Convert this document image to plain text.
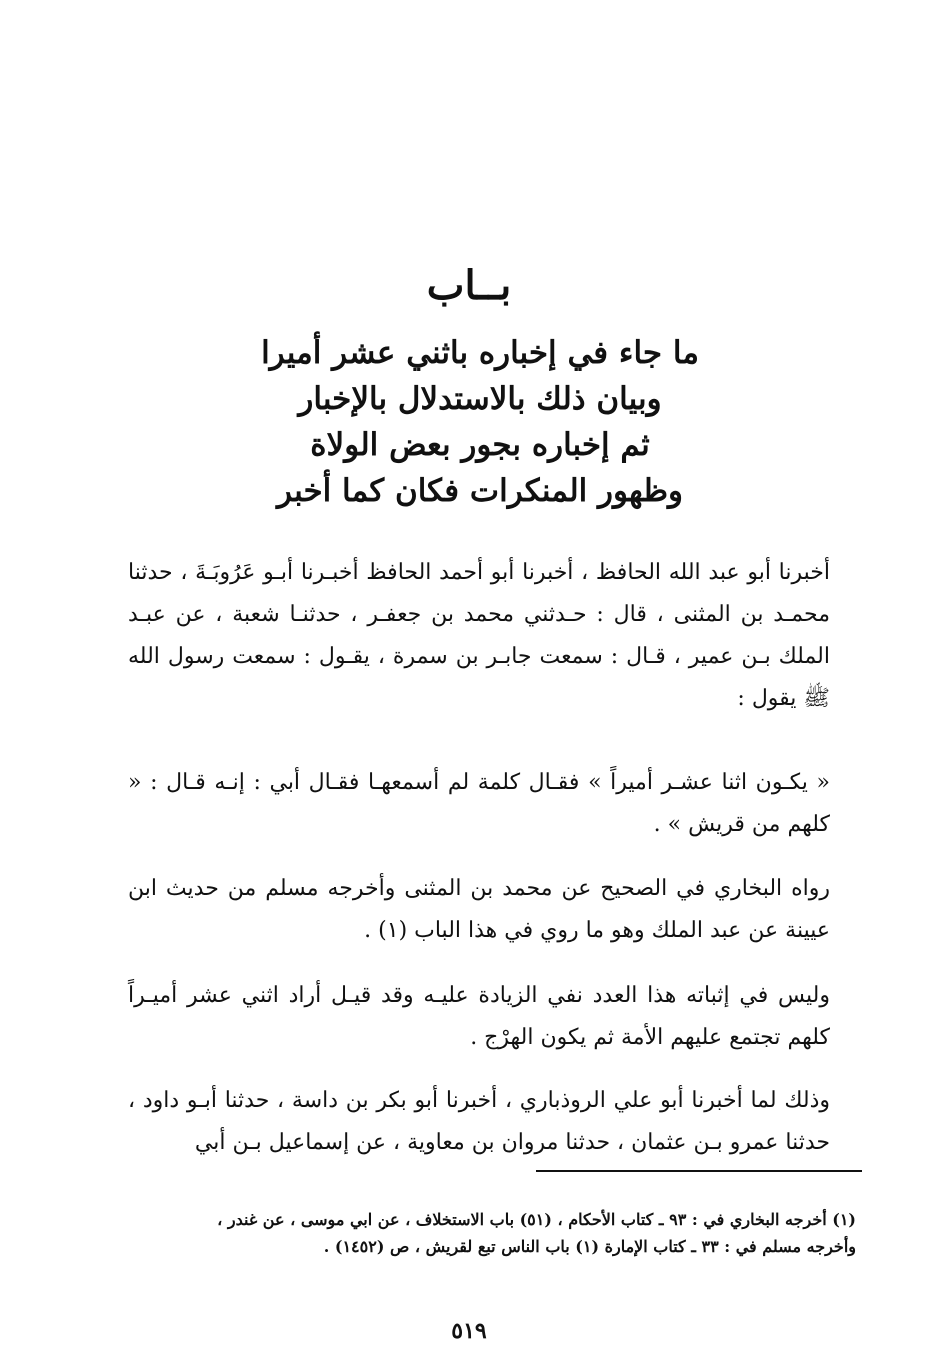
بــاب
ما جاء في إخباره باثني عشر أميرا
وبيان ذلك بالاستدلال بالإخبار
ثم إخباره بجور بعض الولاة
وظهور المنكرات فكان كما أخبر

أخبرنا أبو عبد الله الحافظ ، أخبرنا أبو أحمد الحافظ أخبـرنا أبـو عَرُوبَـةَ ، حدثنا محمـد بن المثنى ، قال : حـدثني محمد بن جعفـر ، حدثنـا شعبة ، عن عبـد الملك بـن عمير ، قـال : سمعت جابـر بن سمرة ، يقـول : سمعت رسول الله ﷺ يقول :

« يكـون اثنا عشـر أميراً » فقـال كلمة لم أسمعهـا فقـال أبي : إنـه قـال : « كلهم من قريش » .

رواه البخاري في الصحيح عن محمد بن المثنى وأخرجه مسلم من حديث ابن عيينة عن عبد الملك وهو ما روي في هذا الباب (١) .

وليس في إثباته هذا العدد نفي الزيادة عليـه وقد قيـل أراد اثني عشر أميـراً كلهم تجتمع عليهم الأمة ثم يكون الهرْج .

وذلك لما أخبرنا أبو علي الروذباري ، أخبرنا أبو بكر بن داسة ، حدثنا أبـو داود ، حدثنا عمرو بـن عثمان ، حدثنا مروان بن معاوية ، عن إسماعيل بـن أبي

(١) أخرجه البخاري في : ٩٣ ـ كتاب الأحكام ، (٥١) باب الاستخلاف ، عن ابي موسى ، عن غندر ،
وأخرجه مسلم في : ٣٣ ـ كتاب الإمارة (١) باب الناس تبع لقريش ، ص (١٤٥٢) .
٥١٩
